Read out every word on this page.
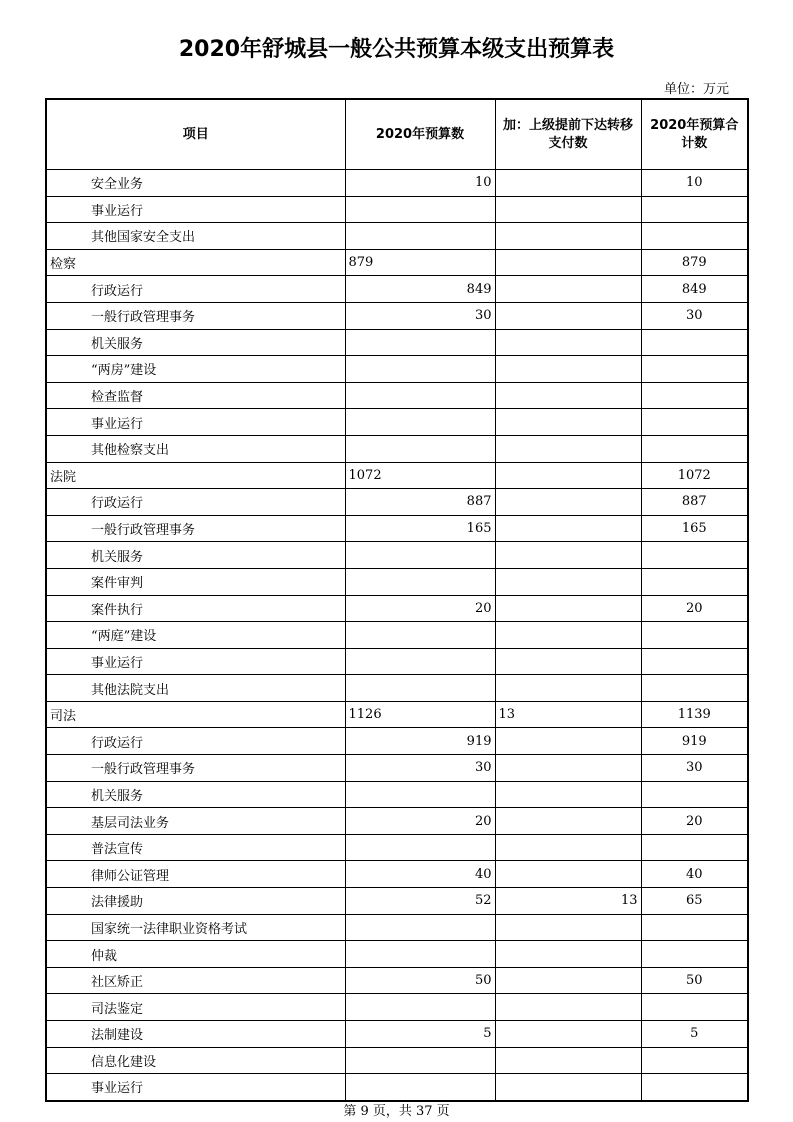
2020年舒城县一般公共预算本级支出预算表
单位：万元
项目	2020年预算数	加：上级提前下达转移支付数	2020年预算合计数
安全业务	10		10
事业运行			
其他国家安全支出			
检察	879		879
行政运行	849		849
一般行政管理事务	30		30
机关服务			
“两房”建设			
检查监督			
事业运行			
其他检察支出			
法院	1072		1072
行政运行	887		887
一般行政管理事务	165		165
机关服务			
案件审判			
案件执行	20		20
“两庭”建设			
事业运行			
其他法院支出			
司法	1126	13	1139
行政运行	919		919
一般行政管理事务	30		30
机关服务			
基层司法业务	20		20
普法宣传			
律师公证管理	40		40
法律援助	52	13	65
国家统一法律职业资格考试			
仲裁			
社区矫正	50		50
司法鉴定			
法制建设	5		5
信息化建设			
事业运行			
第 9 页，共 37 页
